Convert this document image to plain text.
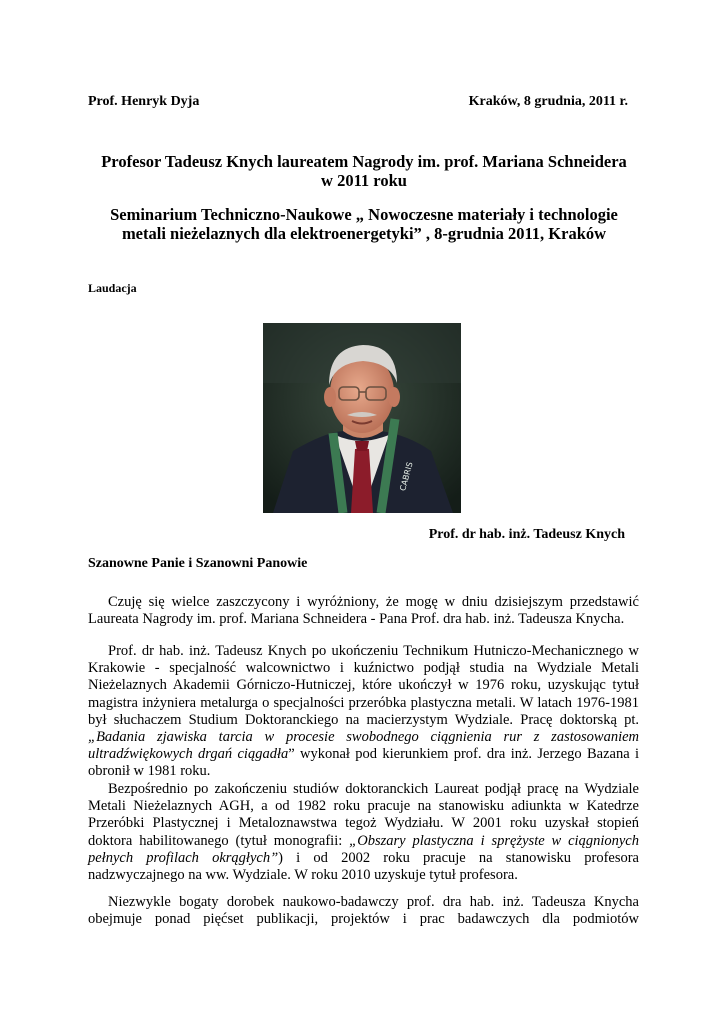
Prof. Henryk Dyja	Kraków, 8 grudnia, 2011 r.
Profesor Tadeusz Knych laureatem Nagrody im. prof. Mariana Schneidera
w 2011 roku
Seminarium Techniczno-Naukowe „ Nowoczesne materiały i technologie
metali nieżelaznych dla elektroenergetyki” , 8-grudnia 2011, Kraków
Laudacja
CABRIS
Prof. dr hab. inż. Tadeusz Knych
Szanowne Panie i Szanowni Panowie
Czuję się wielce zaszczycony i wyróżniony, że mogę w dniu dzisiejszym przedstawić
Laureata Nagrody im. prof. Mariana Schneidera - Pana Prof. dra hab. inż. Tadeusza Knycha.
Prof. dr hab. inż. Tadeusz Knych po ukończeniu Technikum Hutniczo-Mechanicznego w
Krakowie - specjalność walcownictwo i kuźnictwo podjął studia na Wydziale Metali
Nieżelaznych Akademii Górniczo-Hutniczej, które ukończył w 1976 roku, uzyskując tytuł
magistra inżyniera metalurga o specjalności przeróbka plastyczna metali. W latach 1976-1981
był słuchaczem Studium Doktoranckiego na macierzystym Wydziale. Pracę doktorską pt.
„Badania zjawiska tarcia w procesie swobodnego ciągnienia rur z zastosowaniem
ultradźwiękowych drgań ciągadła” wykonał pod kierunkiem prof. dra inż. Jerzego Bazana i
obronił w 1981 roku.
Bezpośrednio po zakończeniu studiów doktoranckich Laureat podjął pracę na Wydziale
Metali Nieżelaznych AGH, a od 1982 roku pracuje na stanowisku adiunkta w Katedrze
Przeróbki Plastycznej i Metaloznawstwa tegoż Wydziału. W 2001 roku uzyskał stopień
doktora habilitowanego (tytuł monografii: „Obszary plastyczna i sprężyste w ciągnionych
pełnych profilach okrągłych”) i od 2002 roku pracuje na stanowisku profesora
nadzwyczajnego na ww. Wydziale. W roku 2010 uzyskuje tytuł profesora.
Niezwykle bogaty dorobek naukowo-badawczy prof. dra hab. inż. Tadeusza Knycha
obejmuje ponad pięćset publikacji, projektów i prac badawczych dla podmiotów
